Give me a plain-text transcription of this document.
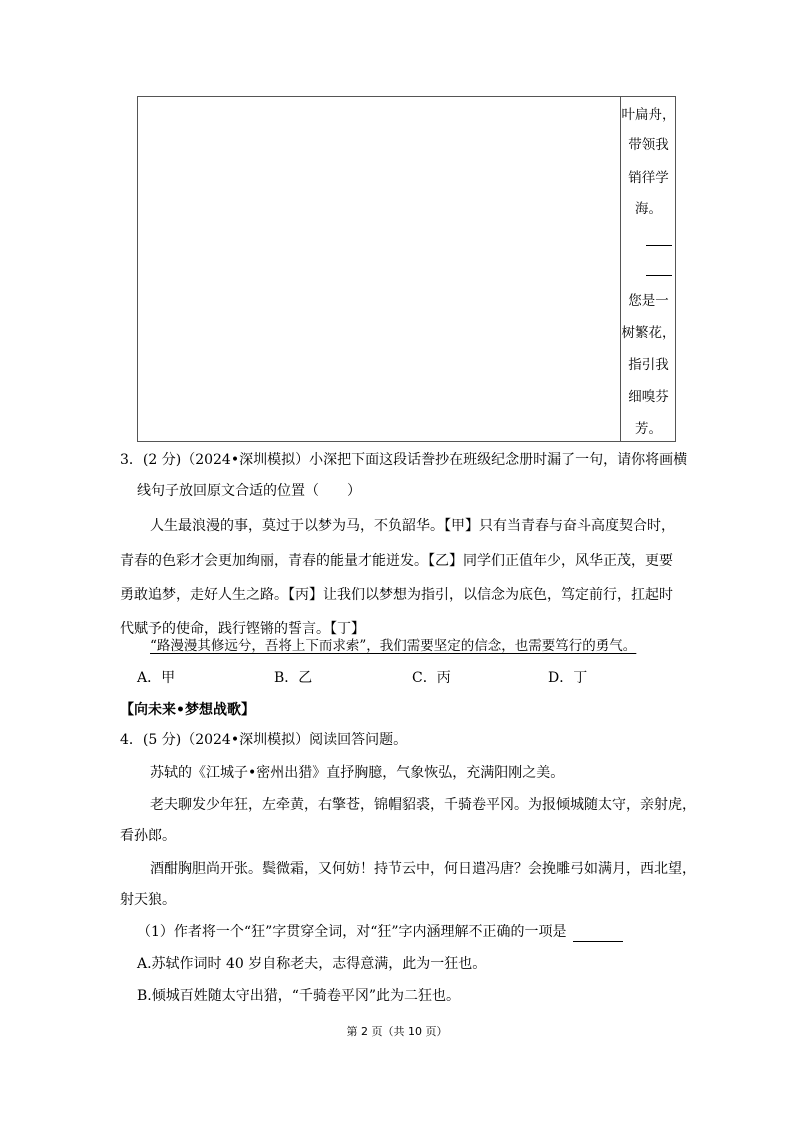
叶扁舟，
带领我
销徉学
海。
您是一
树繁花，
指引我
细嗅芬
芳。
3．(2 分)（2024•深圳模拟）小深把下面这段话誊抄在班级纪念册时漏了一句，请你将画横
线句子放回原文合适的位置（　　）
人生最浪漫的事，莫过于以梦为马，不负韶华。【甲】只有当青春与奋斗高度契合时，
青春的色彩才会更加绚丽，青春的能量才能迸发。【乙】同学们正值年少，风华正茂，更要
勇敢追梦，走好人生之路。【丙】让我们以梦想为指引，以信念为底色，笃定前行，扛起时
代赋予的使命，践行铿锵的誓言。【丁】
“路漫漫其修远兮，吾将上下而求索”，我们需要坚定的信念，也需要笃行的勇气。
A．甲	B．乙	C．丙	D．丁
【向未来•梦想战歌】
4．(5 分)（2024•深圳模拟）阅读回答问题。
苏轼的《江城子•密州出猎》直抒胸臆，气象恢弘，充满阳刚之美。
老夫聊发少年狂，左牵黄，右擎苍，锦帽貂裘，千骑卷平冈。为报倾城随太守，亲射虎，
看孙郎。
酒酣胸胆尚开张。鬓微霜，又何妨！持节云中，何日遣冯唐？会挽雕弓如满月，西北望，
射天狼。
（1）作者将一个“狂”字贯穿全词，对“狂”字内涵理解不正确的一项是
A.苏轼作词时 40 岁自称老夫，志得意满，此为一狂也。
B.倾城百姓随太守出猎，“千骑卷平冈”此为二狂也。
第 2 页（共 10 页）
